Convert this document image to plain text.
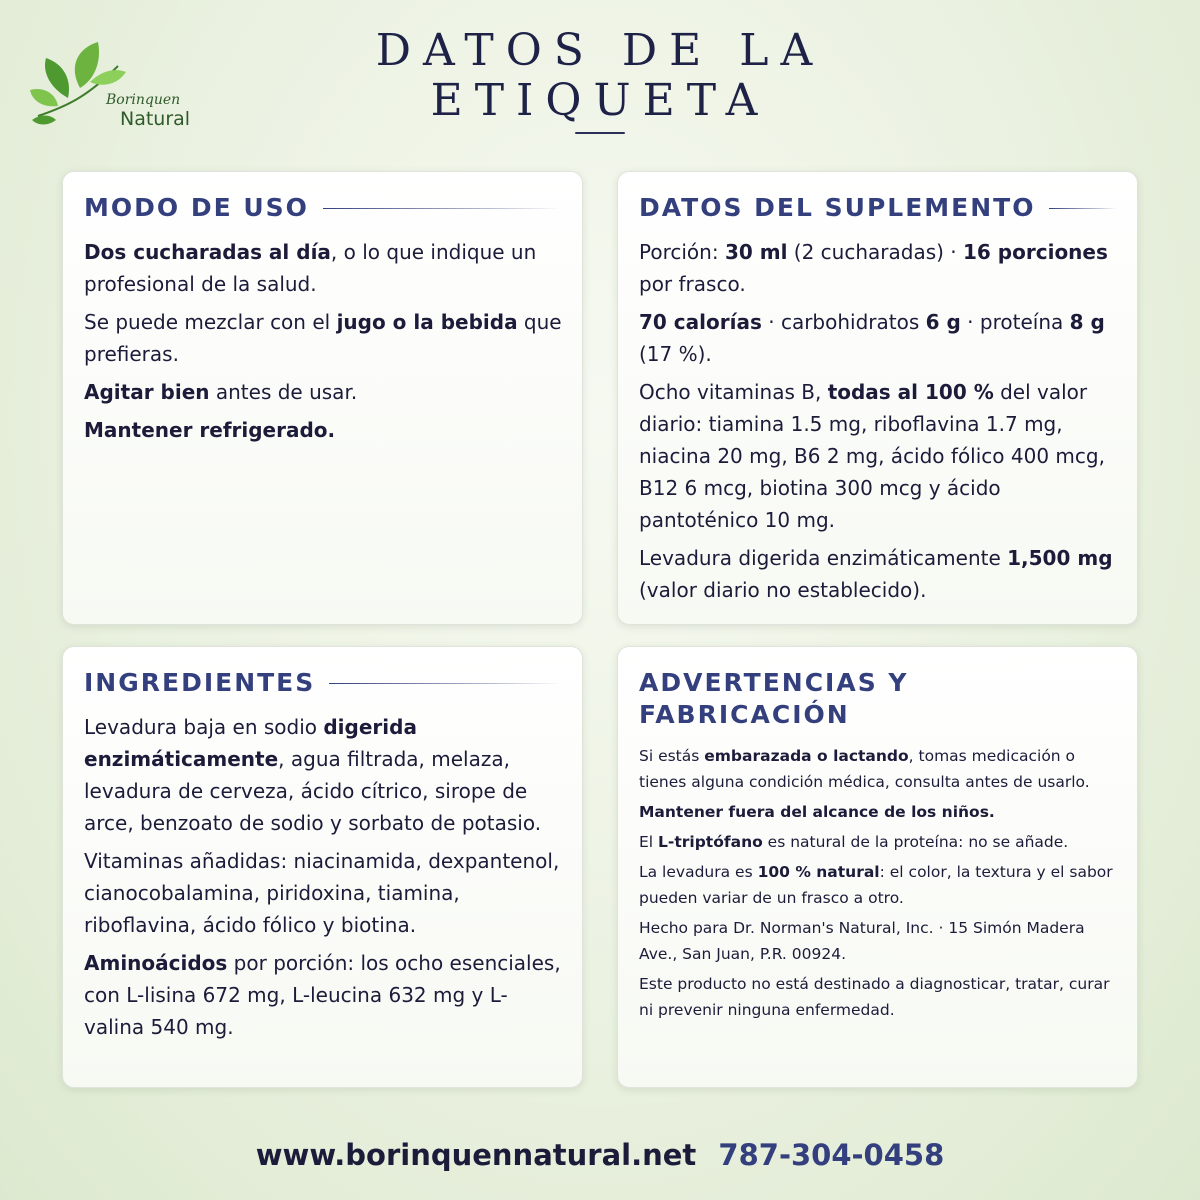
Borinquen
Natural
DATOS DE LA
ETIQUETA
MODO DE USO

Dos cucharadas al día, o lo que indique un profesional de la salud.

Se puede mezclar con el jugo o la bebida que prefieras.

Agitar bien antes de usar.

Mantener refrigerado.

DATOS DEL SUPLEMENTO

Porción: 30 ml (2 cucharadas) · 16 porciones por frasco.

70 calorías · carbohidratos 6 g · proteína 8 g (17 %).

Ocho vitaminas B, todas al 100 % del valor diario: tiamina 1.5 mg, riboflavina 1.7 mg, niacina 20 mg, B6 2 mg, ácido fólico 400 mcg, B12 6 mcg, biotina 300 mcg y ácido pantoténico 10 mg.

Levadura digerida enzimáticamente 1,500 mg (valor diario no establecido).

INGREDIENTES

Levadura baja en sodio digerida enzimáticamente, agua filtrada, melaza, levadura de cerveza, ácido cítrico, sirope de arce, benzoato de sodio y sorbato de potasio.

Vitaminas añadidas: niacinamida, dexpantenol, cianocobalamina, piridoxina, tiamina, riboflavina, ácido fólico y biotina.

Aminoácidos por porción: los ocho esenciales, con L-lisina 672 mg, L-leucina 632 mg y L-valina 540 mg.

ADVERTENCIAS Y FABRICACIÓN

Si estás embarazada o lactando, tomas medicación o tienes alguna condición médica, consulta antes de usarlo.

Mantener fuera del alcance de los niños.

El L-triptófano es natural de la proteína: no se añade.

La levadura es 100 % natural: el color, la textura y el sabor pueden variar de un frasco a otro.

Hecho para Dr. Norman's Natural, Inc. · 15 Simón Madera Ave., San Juan, P.R. 00924.

Este producto no está destinado a diagnosticar, tratar, curar ni prevenir ninguna enfermedad.

www.borinquennatural.net 787-304-0458
